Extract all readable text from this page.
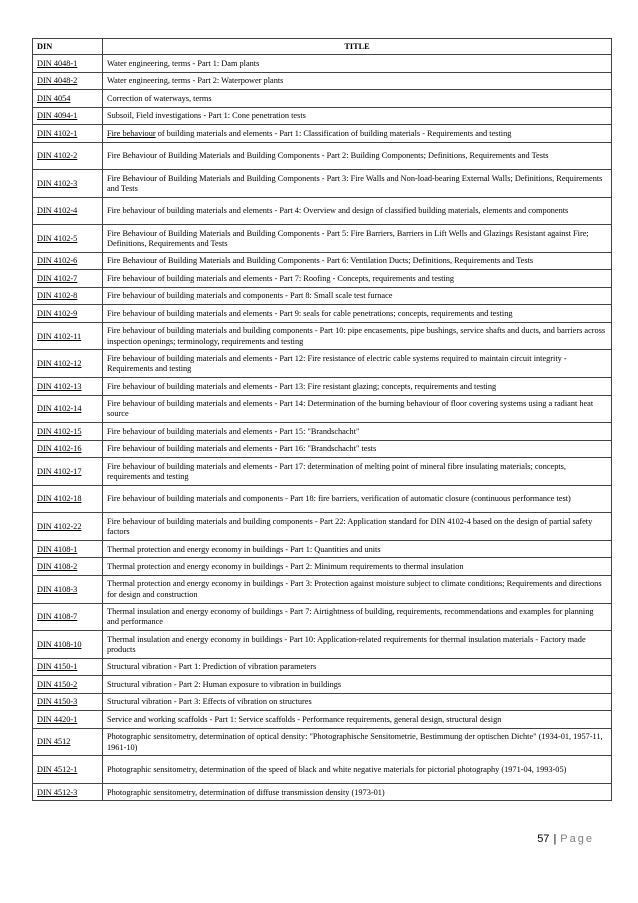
DIN	TITLE
DIN 4048-1	Water engineering, terms - Part 1: Dam plants
DIN 4048-2	Water engineering, terms - Part 2: Waterpower plants
DIN 4054	Correction of waterways, terms
DIN 4094-1	Subsoil, Field investigations - Part 1: Cone penetration tests
DIN 4102-1	Fire behaviour of building materials and elements - Part 1: Classification of building materials - Requirements and testing
DIN 4102-2	Fire Behaviour of Building Materials and Building Components - Part 2: Building Components; Definitions, Requirements and Tests
DIN 4102-3	Fire Behaviour of Building Materials and Building Components - Part 3: Fire Walls and Non-load-bearing External Walls; Definitions, Requirements and Tests
DIN 4102-4	Fire behaviour of building materials and elements - Part 4: Overview and design of classified building materials, elements and components
DIN 4102-5	Fire Behaviour of Building Materials and Building Components - Part 5: Fire Barriers, Barriers in Lift Wells and Glazings Resistant against Fire; Definitions, Requirements and Tests
DIN 4102-6	Fire Behaviour of Building Materials and Building Components - Part 6: Ventilation Ducts; Definitions, Requirements and Tests
DIN 4102-7	Fire behaviour of building materials and elements - Part 7: Roofing - Concepts, requirements and testing
DIN 4102-8	Fire behaviour of building materials and components - Part 8: Small scale test furnace
DIN 4102-9	Fire behaviour of building materials and elements - Part 9: seals for cable penetrations; concepts, requirements and testing
DIN 4102-11	Fire behaviour of building materials and building components - Part 10: pipe encasements, pipe bushings, service shafts and ducts, and barriers across inspection openings; terminology, requirements and testing
DIN 4102-12	Fire behaviour of building materials and elements - Part 12: Fire resistance of electric cable systems required to maintain circuit integrity - Requirements and testing
DIN 4102-13	Fire behaviour of building materials and elements - Part 13: Fire resistant glazing; concepts, requirements and testing
DIN 4102-14	Fire behaviour of building materials and elements - Part 14: Determination of the burning behaviour of floor covering systems using a radiant heat source
DIN 4102-15	Fire behaviour of building materials and elements - Part 15: "Brandschacht"
DIN 4102-16	Fire behaviour of building materials and elements - Part 16: "Brandschacht" tests
DIN 4102-17	Fire behaviour of building materials and elements - Part 17: determination of melting point of mineral fibre insulating materials; concepts, requirements and testing
DIN 4102-18	Fire behaviour of building materials and components - Part 18: fire barriers, verification of automatic closure (continuous performance test)
DIN 4102-22	Fire behaviour of building materials and building components - Part 22: Application standard for DIN 4102-4 based on the design of partial safety factors
DIN 4108-1	Thermal protection and energy economy in buildings - Part 1: Quantities and units
DIN 4108-2	Thermal protection and energy economy in buildings - Part 2: Minimum requirements to thermal insulation
DIN 4108-3	Thermal protection and energy economy in buildings - Part 3: Protection against moisture subject to climate conditions; Requirements and directions for design and construction
DIN 4108-7	Thermal insulation and energy economy of buildings - Part 7: Airtightness of building, requirements, recommendations and examples for planning and performance
DIN 4108-10	Thermal insulation and energy economy in buildings - Part 10: Application-related requirements for thermal insulation materials - Factory made products
DIN 4150-1	Structural vibration - Part 1: Prediction of vibration parameters
DIN 4150-2	Structural vibration - Part 2: Human exposure to vibration in buildings
DIN 4150-3	Structural vibration - Part 3: Effects of vibration on structures
DIN 4420-1	Service and working scaffolds - Part 1: Service scaffolds - Performance requirements, general design, structural design
DIN 4512	Photographic sensitometry, determination of optical density: "Photographische Sensitometrie, Bestimmung der optischen Dichte" (1934-01, 1957-11, 1961-10)
DIN 4512-1	Photographic sensitometry, determination of the speed of black and white negative materials for pictorial photography (1971-04, 1993-05)
DIN 4512-3	Photographic sensitometry, determination of diffuse transmission density (1973-01)
57 | Page
